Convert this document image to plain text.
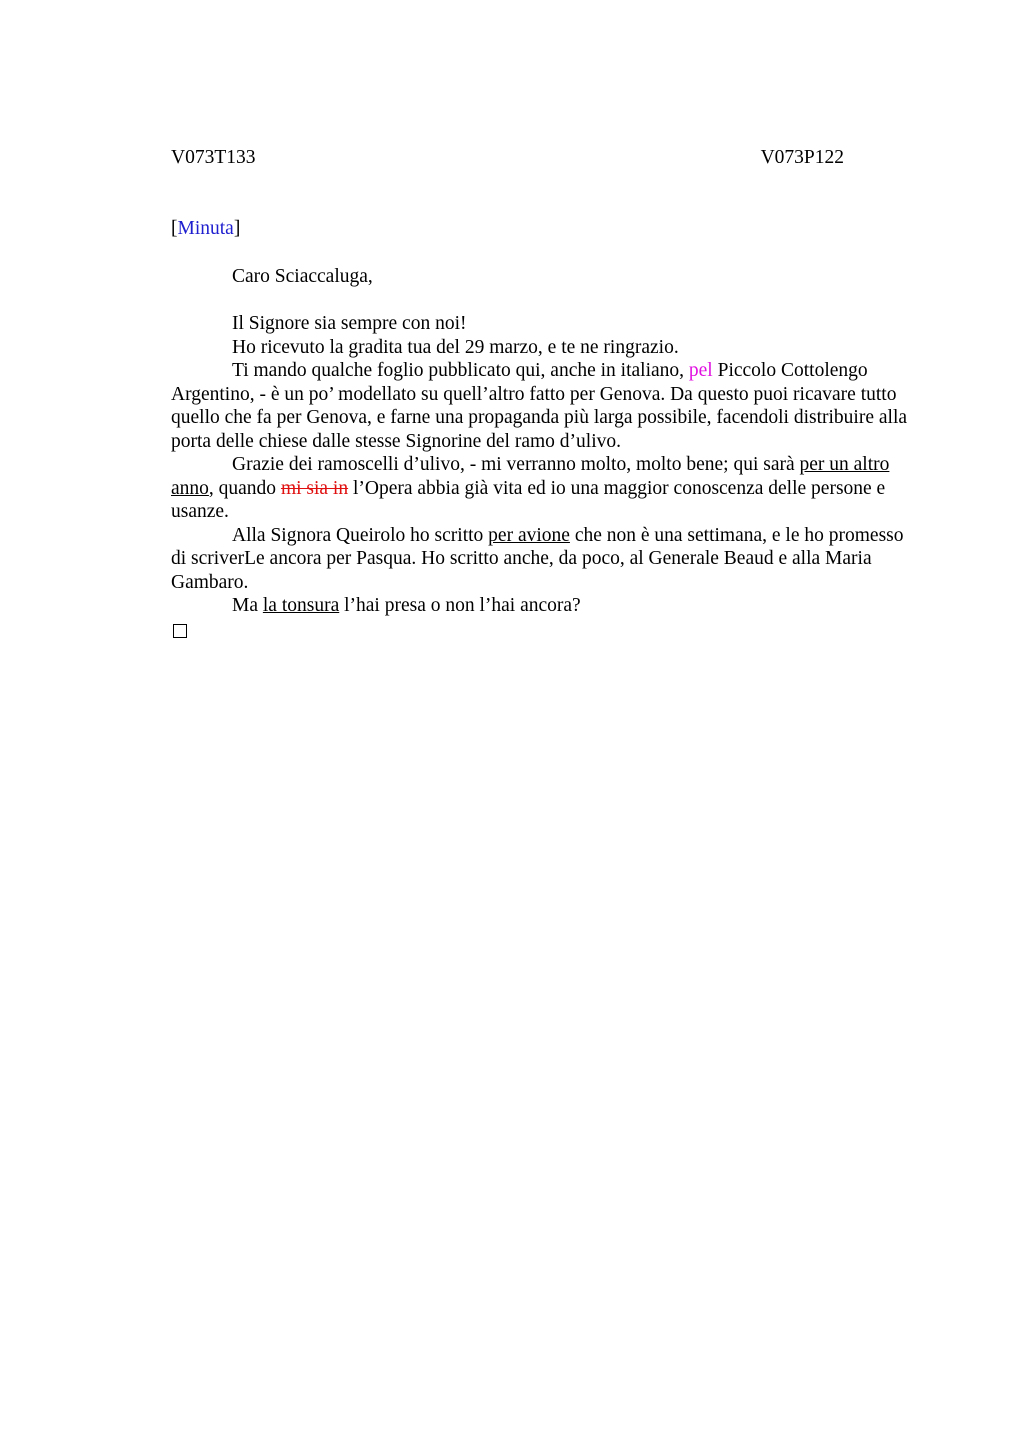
V073T133	V073P122

[Minuta]

Caro Sciaccaluga,

Il Signore sia sempre con noi!

Ho ricevuto la gradita tua del 29 marzo, e te ne ringrazio.

Ti mando qualche foglio pubblicato qui, anche in italiano, pel Piccolo Cottolengo Argentino, - è un po’ modellato su quell’altro fatto per Genova. Da questo puoi ricavare tutto quello che fa per Genova, e farne una propaganda più larga possibile, facendoli distribuire alla porta delle chiese dalle stesse Signorine del ramo d’ulivo.

Grazie dei ramoscelli d’ulivo, - mi verranno molto, molto bene; qui sarà per un altro anno, quando mi sia in l’Opera abbia già vita ed io una maggior conoscenza delle persone e usanze.

Alla Signora Queirolo ho scritto per avione che non è una settimana, e le ho promesso di scriverLe ancora per Pasqua. Ho scritto anche, da poco, al Generale Beaud e alla Maria Gambaro.

Ma la tonsura l’hai presa o non l’hai ancora?
